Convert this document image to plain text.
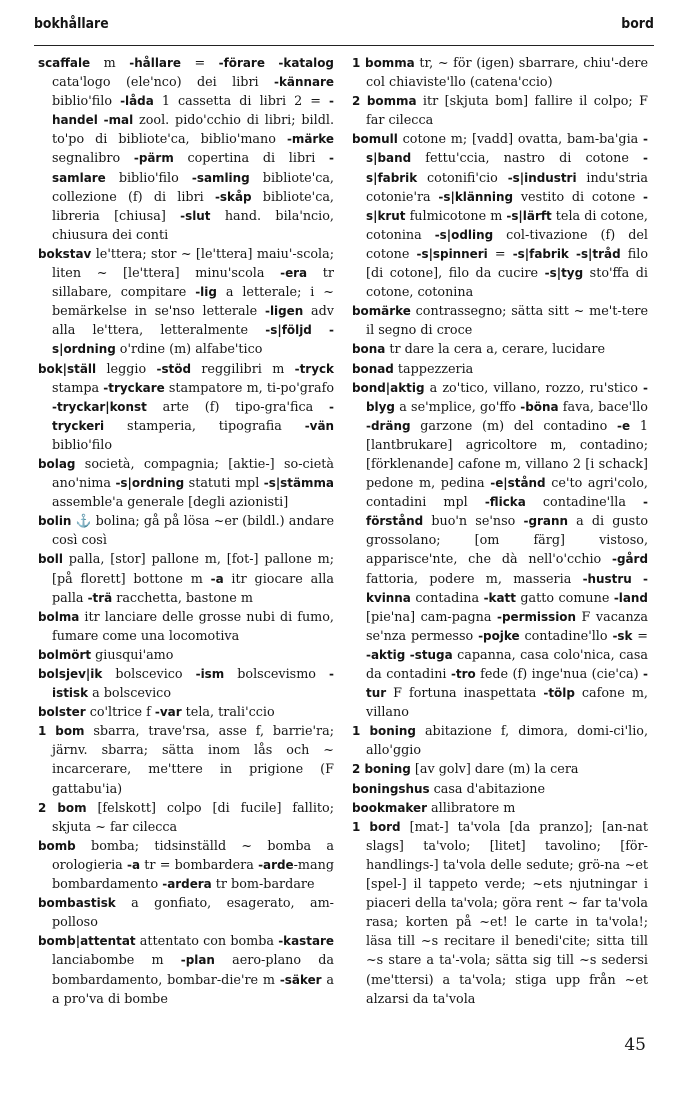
bokhållare	bord

scaffale m -hållare = -förare -katalog cata'logo (ele'nco) dei libri -kännare biblio'filo -låda 1 cassetta di libri 2 = -handel -mal zool. pido'cchio di libri; bildl. to'po di bibliote'ca, biblio'mano -märke segnalibro -pärm copertina di libri -samlare biblio'filo -samling bibliote'ca, collezione (f) di libri -skåp bibliote'ca, libreria [chiusa] -slut hand. bila'ncio, chiusura dei conti

bokstav le'ttera; stor ~ [le'ttera] maiu'-scola; liten ~ [le'ttera] minu'scola -era tr sillabare, compitare -lig a letterale; i ~ bemärkelse in se'nso letterale -ligen adv alla le'ttera, letteralmente -s|följd -s|ordning o'rdine (m) alfabe'tico

bok|ställ leggio -stöd reggilibri m -tryck stampa -tryckare stampatore m, ti-po'grafo -tryckar|konst arte (f) tipo-gra'fica -tryckeri stamperia, tipografia -vän biblio'filo

bolag società, compagnia; [aktie-] so-cietà ano'nima -s|ordning statuti mpl -s|stämma assemble'a generale [degli azionisti]

bolin ⚓ bolina; gå på lösa ~er (bildl.) andare così così

boll palla, [stor] pallone m, [fot-] pallone m; [på florett] bottone m -a itr giocare alla palla -trä racchetta, bastone m

bolma itr lanciare delle grosse nubi di fumo, fumare come una locomotiva

bolmört giusqui'amo

bolsjev|ik bolscevico -ism bolscevismo -istisk a bolscevico

bolster co'ltrice f -var tela, trali'ccio

1 bom sbarra, trave'rsa, asse f, barrie'ra; järnv. sbarra; sätta inom lås och ~ incarcerare, me'ttere in prigione (F gattabu'ia)

2 bom [felskott] colpo [di fucile] fallito; skjuta ~ far cilecca

bomb bomba; tidsinställd ~ bomba a orologieria -a tr = bombardera -arde-mang bombardamento -ardera tr bom-bardare

bombastisk a gonfiato, esagerato, am-polloso

bomb|attentat attentato con bomba -kastare lanciabombe m -plan aero-plano da bombardamento, bombar-die're m -säker a a pro'va di bombe

1 bomma tr, ~ för (igen) sbarrare, chiu'-dere col chiaviste'llo (catena'ccio)

2 bomma itr [skjuta bom] fallire il colpo; F far cilecca

bomull cotone m; [vadd] ovatta, bam-ba'gia -s|band fettu'ccia, nastro di cotone -s|fabrik cotonifi'cio -s|industri indu'stria cotonie'ra -s|klänning vestito di cotone -s|krut fulmicotone m -s|lärft tela di cotone, cotonina -s|odling col-tivazione (f) del cotone -s|spinneri = -s|fabrik -s|tråd filo [di cotone], filo da cucire -s|tyg sto'ffa di cotone, cotonina

bomärke contrassegno; sätta sitt ~ me't-tere il segno di croce

bona tr dare la cera a, cerare, lucidare

bonad tappezzeria

bond|aktig a zo'tico, villano, rozzo, ru'stico -blyg a se'mplice, go'ffo -böna fava, bace'llo -dräng garzone (m) del contadino -e 1 [lantbrukare] agricoltore m, contadino; [förklenande] cafone m, villano 2 [i schack] pedone m, pedina -e|stånd ce'to agri'colo, contadini mpl -flicka contadine'lla -förstånd buo'n se'nso -grann a di gusto grossolano; [om färg] vistoso, apparisce'nte, che dà nell'o'cchio -gård fattoria, podere m, masseria -hustru -kvinna contadina -katt gatto comune -land [pie'na] cam-pagna -permission F vacanza se'nza permesso -pojke contadine'llo -sk = -aktig -stuga capanna, casa colo'nica, casa da contadini -tro fede (f) inge'nua (cie'ca) -tur F fortuna inaspettata -tölp cafone m, villano

1 boning abitazione f, dimora, domi-ci'lio, allo'ggio

2 boning [av golv] dare (m) la cera

boningshus casa d'abitazione

bookmaker allibratore m

1 bord [mat-] ta'vola [da pranzo]; [an-nat slags] ta'volo; [litet] tavolino; [för-handlings-] ta'vola delle sedute; grö-na ~et [spel-] il tappeto verde; ~ets njutningar i piaceri della ta'vola; göra rent ~ far ta'vola rasa; korten på ~et! le carte in ta'vola!; läsa till ~s recitare il benedi'cite; sitta till ~s stare a ta'-vola; sätta sig till ~s sedersi (me'ttersi) a ta'vola; stiga upp från ~et alzarsi da ta'vola

45
